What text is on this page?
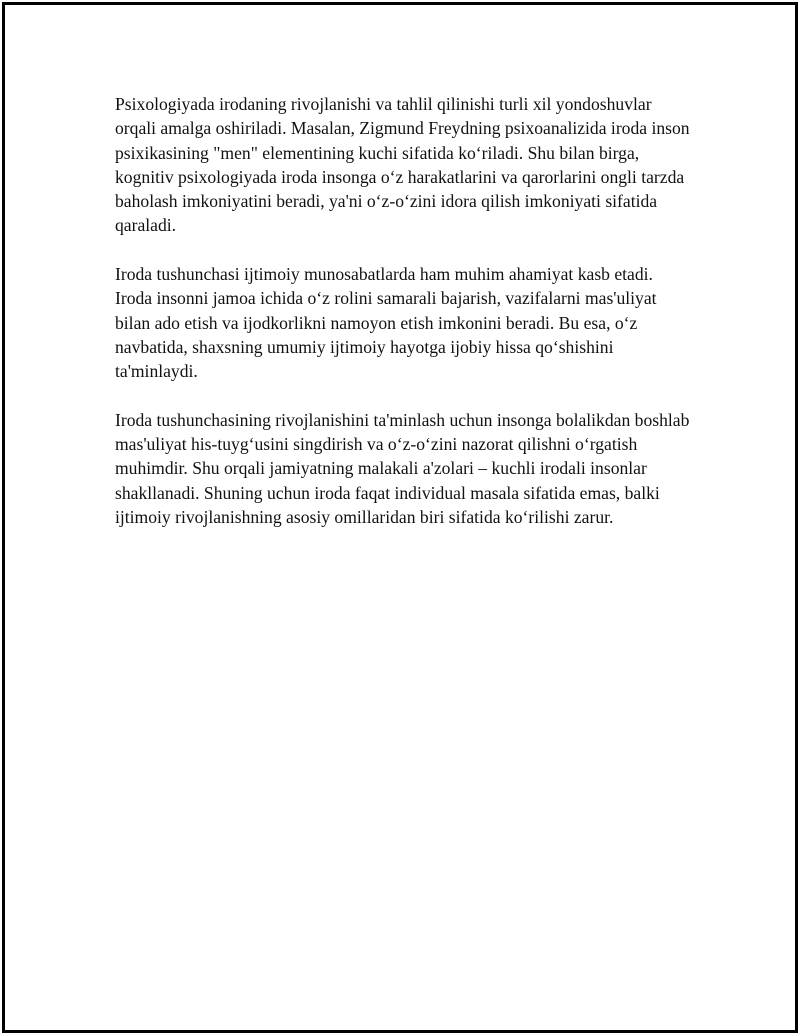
Psixologiyada irodaning rivojlanishi va tahlil qilinishi turli xil yondoshuvlar orqali amalga oshiriladi. Masalan, Zigmund Freydning psixoanalizida iroda inson psixikasining "men" elementining kuchi sifatida ko‘riladi. Shu bilan birga, kognitiv psixologiyada iroda insonga o‘z harakatlarini va qarorlarini ongli tarzda baholash imkoniyatini beradi, ya'ni o‘z-o‘zini idora qilish imkoniyati sifatida qaraladi.

Iroda tushunchasi ijtimoiy munosabatlarda ham muhim ahamiyat kasb etadi. Iroda insonni jamoa ichida o‘z rolini samarali bajarish, vazifalarni mas'uliyat bilan ado etish va ijodkorlikni namoyon etish imkonini beradi. Bu esa, o‘z navbatida, shaxsning umumiy ijtimoiy hayotga ijobiy hissa qo‘shishini ta'minlaydi.

Iroda tushunchasining rivojlanishini ta'minlash uchun insonga bolalikdan boshlab mas'uliyat his-tuyg‘usini singdirish va o‘z-o‘zini nazorat qilishni o‘rgatish muhimdir. Shu orqali jamiyatning malakali a'zolari – kuchli irodali insonlar shakllanadi. Shuning uchun iroda faqat individual masala sifatida emas, balki ijtimoiy rivojlanishning asosiy omillaridan biri sifatida ko‘rilishi zarur.
